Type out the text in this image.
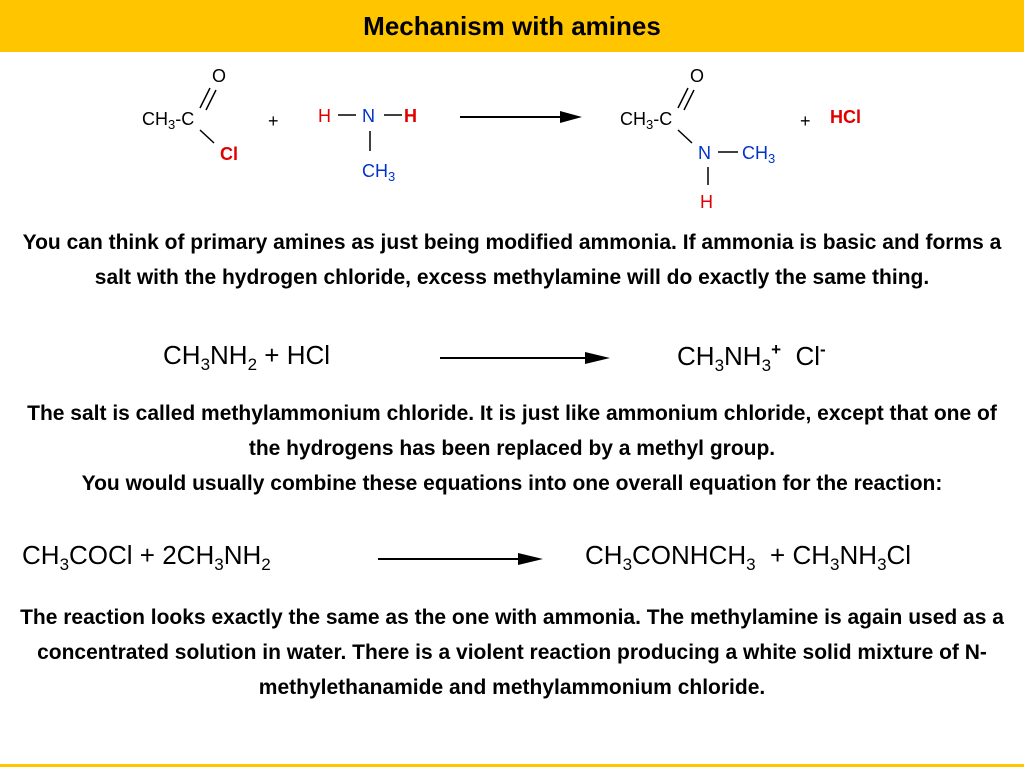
Mechanism with amines
O
$CH_3-C$
Cl
+ H N H
$CH_3$
O
$CH_3-C$
N $CH_3$
H
+ HCl

You can think of primary amines as just being modified ammonia. If ammonia is basic and forms a salt with the hydrogen chloride, excess methylamine will do exactly the same thing.

$CH_3NH_2$ + HCl	$CH_3NH_3^+$  Cl-

The salt is called methylammonium chloride. It is just like ammonium chloride, except that one of the hydrogens has been replaced by a methyl group.

You would usually combine these equations into one overall equation for the reaction:

$CH_3COCl + 2CH_3NH_2$	$CH_3CONHCH_3 + CH_3NH_3Cl$

The reaction looks exactly the same as the one with ammonia. The methylamine is again used as a concentrated solution in water. There is a violent reaction producing a white solid mixture of N-methylethanamide and methylammonium chloride.
